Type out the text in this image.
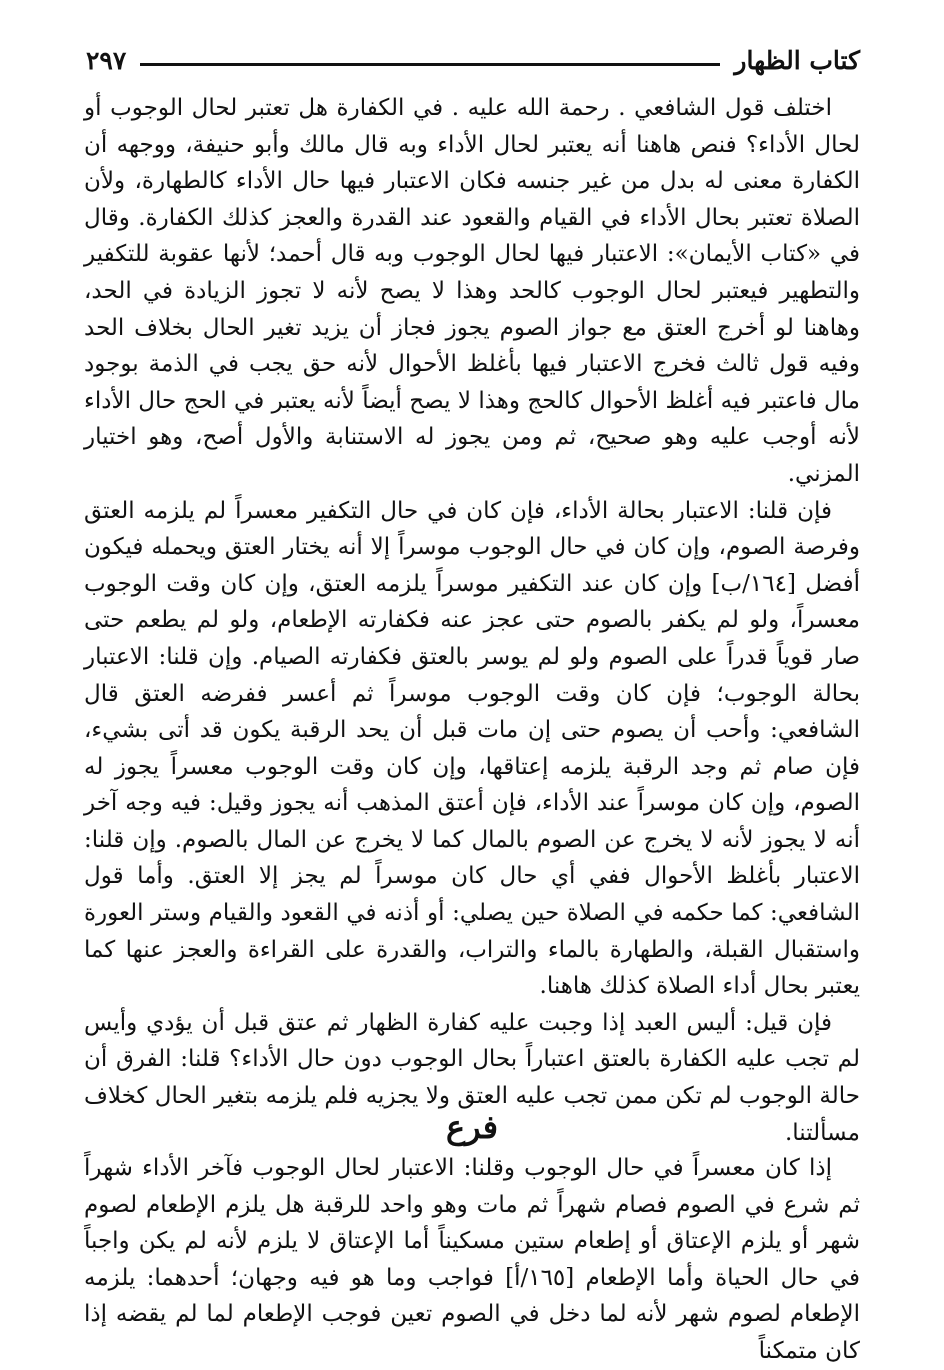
كتاب الظهار
٢٩٧

اختلف قول الشافعي . رحمة الله عليه . في الكفارة هل تعتبر لحال الوجوب أو لحال الأداء؟ فنص هاهنا أنه يعتبر لحال الأداء وبه قال مالك وأبو حنيفة، ووجهه أن الكفارة معنى له بدل من غير جنسه فكان الاعتبار فيها حال الأداء كالطهارة، ولأن الصلاة تعتبر بحال الأداء في القيام والقعود عند القدرة والعجز كذلك الكفارة. وقال في «كتاب الأيمان»: الاعتبار فيها لحال الوجوب وبه قال أحمد؛ لأنها عقوبة للتكفير والتطهير فيعتبر لحال الوجوب كالحد وهذا لا يصح لأنه لا تجوز الزيادة في الحد، وهاهنا لو أخرج العتق مع جواز الصوم يجوز فجاز أن يزيد تغير الحال بخلاف الحد وفيه قول ثالث فخرج الاعتبار فيها بأغلظ الأحوال لأنه حق يجب في الذمة بوجود مال فاعتبر فيه أغلظ الأحوال كالحج وهذا لا يصح أيضاً لأنه يعتبر في الحج حال الأداء لأنه أوجب عليه وهو صحيح، ثم ومن يجوز له الاستنابة والأول أصح، وهو اختيار المزني.

فإن قلنا: الاعتبار بحالة الأداء، فإن كان في حال التكفير معسراً لم يلزمه العتق وفرصة الصوم، وإن كان في حال الوجوب موسراً إلا أنه يختار العتق ويحمله فيكون أفضل [١٦٤/ب] وإن كان عند التكفير موسراً يلزمه العتق، وإن كان وقت الوجوب معسراً، ولو لم يكفر بالصوم حتى عجز عنه فكفارته الإطعام، ولو لم يطعم حتى صار قوياً قدراً على الصوم ولو لم يوسر بالعتق فكفارته الصيام. وإن قلنا: الاعتبار بحالة الوجوب؛ فإن كان وقت الوجوب موسراً ثم أعسر ففرضه العتق قال الشافعي: وأحب أن يصوم حتى إن مات قبل أن يحد الرقبة يكون قد أتى بشيء، فإن صام ثم وجد الرقبة يلزمه إعتاقها، وإن كان وقت الوجوب معسراً يجوز له الصوم، وإن كان موسراً عند الأداء، فإن أعتق المذهب أنه يجوز وقيل: فيه وجه آخر أنه لا يجوز لأنه لا يخرج عن الصوم بالمال كما لا يخرج عن المال بالصوم. وإن قلنا: الاعتبار بأغلظ الأحوال ففي أي حال كان موسراً لم يجز إلا العتق. وأما قول الشافعي: كما حكمه في الصلاة حين يصلي: أو أذنه في القعود والقيام وستر العورة واستقبال القبلة، والطهارة بالماء والتراب، والقدرة على القراءة والعجز عنها كما يعتبر بحال أداء الصلاة كذلك هاهنا.

فإن قيل: أليس العبد إذا وجبت عليه كفارة الظهار ثم عتق قبل أن يؤدي وأيس لم تجب عليه الكفارة بالعتق اعتباراً بحال الوجوب دون حال الأداء؟ قلنا: الفرق أن حالة الوجوب لم تكن ممن تجب عليه العتق ولا يجزيه فلم يلزمه بتغير الحال كخلاف مسألتنا.

فرع

إذا كان معسراً في حال الوجوب وقلنا: الاعتبار لحال الوجوب فآخر الأداء شهراً ثم شرع في الصوم فصام شهراً ثم مات وهو واحد للرقبة هل يلزم الإطعام لصوم شهر أو يلزم الإعتاق أو إطعام ستين مسكيناً أما الإعتاق لا يلزم لأنه لم يكن واجباً في حال الحياة وأما الإطعام [١٦٥/أ] فواجب وما هو فيه وجهان؛ أحدهما: يلزمه الإطعام لصوم شهر لأنه لما دخل في الصوم تعين فوجب الإطعام لما لم يقضه إذا كان متمكناً
